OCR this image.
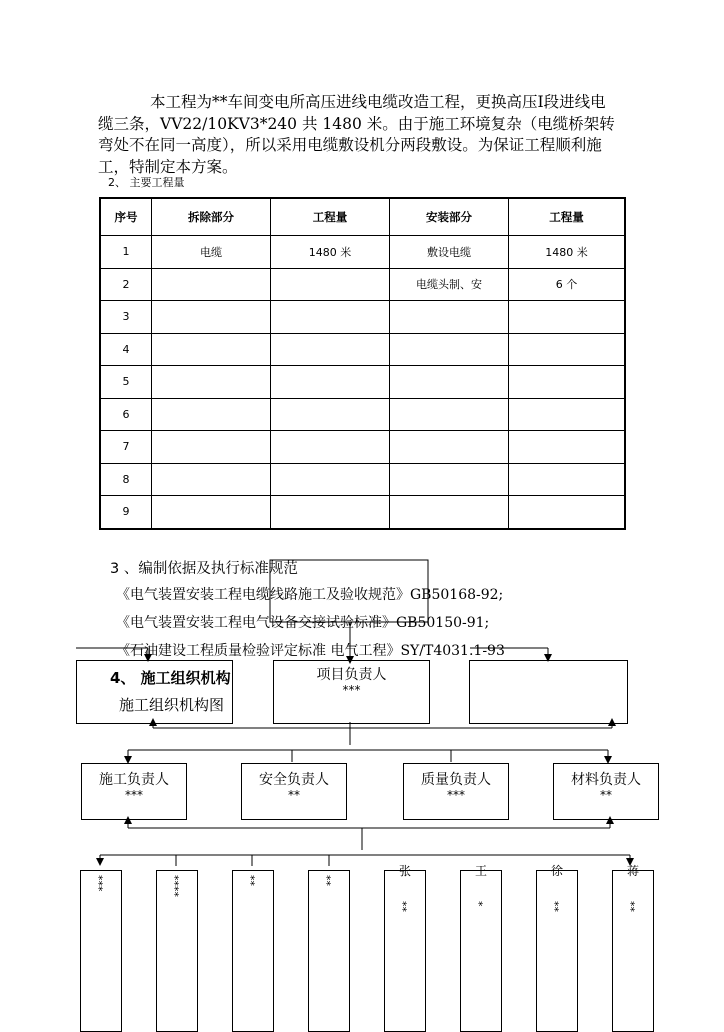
本工程为**车间变电所高压进线电缆改造工程，更换高压Ⅰ段进线电缆三条，VV22/10KV3*240 共 1480 米。由于施工环境复杂（电缆桥架转弯处不在同一高度），所以采用电缆敷设机分两段敷设。为保证工程顺利施工，特制定本方案。
2、 主要工程量
序号	拆除部分	工程量	安装部分	工程量
1	电缆	1480 米	敷设电缆	1480 米
2			电缆头制、安	6 个
3				
4				
5				
6				
7				
8				
9				
3 、编制依据及执行标准规范
《电气装置安装工程电缆线路施工及验收规范》GB50168-92;
《电气装置安装工程电气设备交接试验标准》GB50150-91;
《石油建设工程质量检验评定标准 电气工程》SY/T4031.1-93
4、 施工组织机构
施工组织机构图
项目负责人
***
施工负责人
***
安全负责人
**
质量负责人
***
材料负责人
**
***	****	**	**
张
**
王
*
徐
**
蒋
**
